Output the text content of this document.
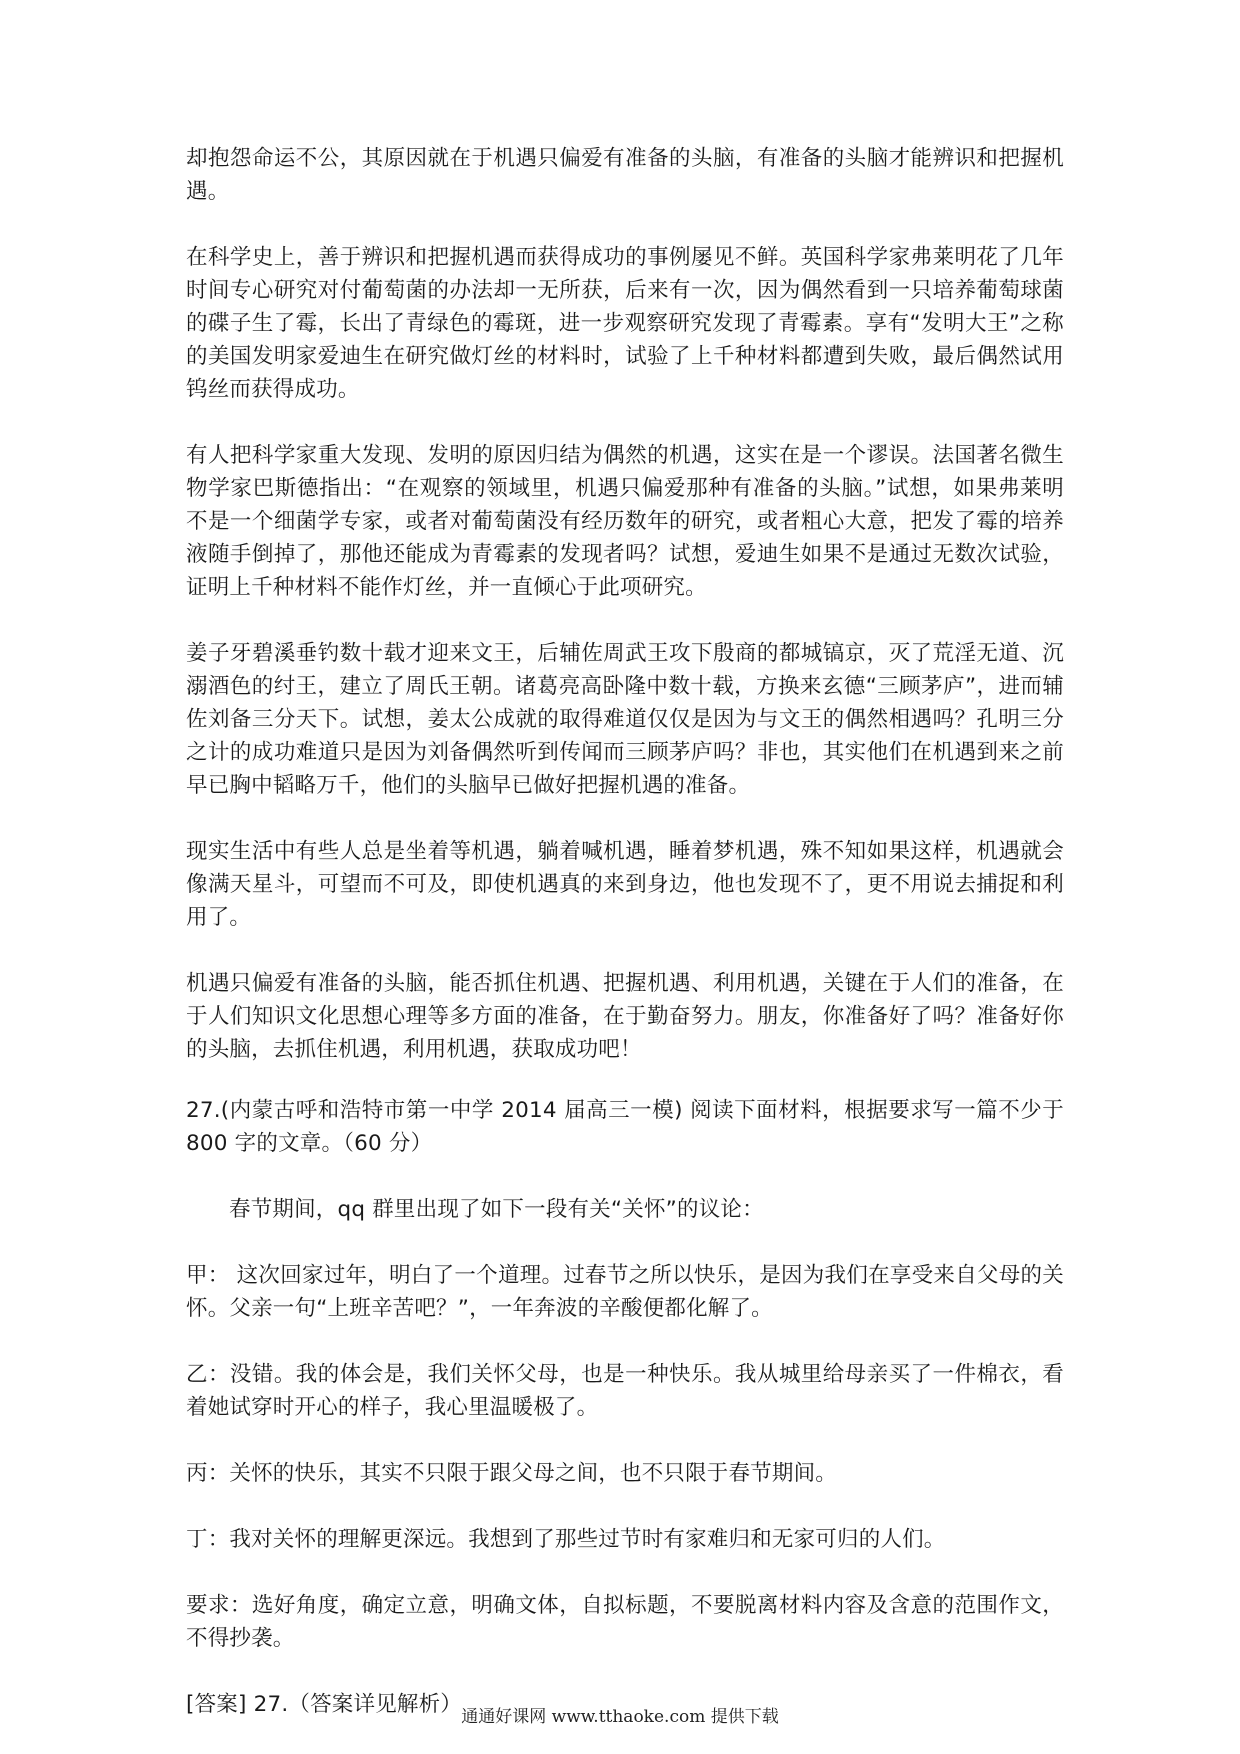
却抱怨命运不公，其原因就在于机遇只偏爱有准备的头脑，有准备的头脑才能辨识和把握机遇。

在科学史上，善于辨识和把握机遇而获得成功的事例屡见不鲜。英国科学家弗莱明花了几年时间专心研究对付葡萄菌的办法却一无所获，后来有一次，因为偶然看到一只培养葡萄球菌的碟子生了霉，长出了青绿色的霉斑，进一步观察研究发现了青霉素。享有“发明大王”之称的美国发明家爱迪生在研究做灯丝的材料时，试验了上千种材料都遭到失败，最后偶然试用钨丝而获得成功。

有人把科学家重大发现、发明的原因归结为偶然的机遇，这实在是一个谬误。法国著名微生物学家巴斯德指出：“在观察的领域里，机遇只偏爱那种有准备的头脑。”试想，如果弗莱明不是一个细菌学专家，或者对葡萄菌没有经历数年的研究，或者粗心大意，把发了霉的培养液随手倒掉了，那他还能成为青霉素的发现者吗？试想，爱迪生如果不是通过无数次试验，证明上千种材料不能作灯丝，并一直倾心于此项研究。

姜子牙碧溪垂钓数十载才迎来文王，后辅佐周武王攻下殷商的都城镐京，灭了荒淫无道、沉溺酒色的纣王，建立了周氏王朝。诸葛亮高卧隆中数十载，方换来玄德“三顾茅庐”，进而辅佐刘备三分天下。试想，姜太公成就的取得难道仅仅是因为与文王的偶然相遇吗？孔明三分之计的成功难道只是因为刘备偶然听到传闻而三顾茅庐吗？非也，其实他们在机遇到来之前早已胸中韬略万千，他们的头脑早已做好把握机遇的准备。

现实生活中有些人总是坐着等机遇，躺着喊机遇，睡着梦机遇，殊不知如果这样，机遇就会像满天星斗，可望而不可及，即使机遇真的来到身边，他也发现不了，更不用说去捕捉和利用了。

机遇只偏爱有准备的头脑，能否抓住机遇、把握机遇、利用机遇，关键在于人们的准备，在于人们知识文化思想心理等多方面的准备，在于勤奋努力。朋友，你准备好了吗？准备好你的头脑，去抓住机遇，利用机遇，获取成功吧！

27.(内蒙古呼和浩特市第一中学 2014 届高三一模) 阅读下面材料，根据要求写一篇不少于 800 字的文章。（60 分）

春节期间，qq 群里出现了如下一段有关“关怀”的议论：

甲： 这次回家过年，明白了一个道理。过春节之所以快乐，是因为我们在享受来自父母的关怀。父亲一句“上班辛苦吧？”，一年奔波的辛酸便都化解了。

乙：没错。我的体会是，我们关怀父母，也是一种快乐。我从城里给母亲买了一件棉衣，看着她试穿时开心的样子，我心里温暖极了。

丙：关怀的快乐，其实不只限于跟父母之间，也不只限于春节期间。

丁：我对关怀的理解更深远。我想到了那些过节时有家难归和无家可归的人们。

要求：选好角度，确定立意，明确文体，自拟标题，不要脱离材料内容及含意的范围作文，不得抄袭。

[答案] 27.（答案详见解析） 通通好课网 www.tthaoke.com 提供下载
